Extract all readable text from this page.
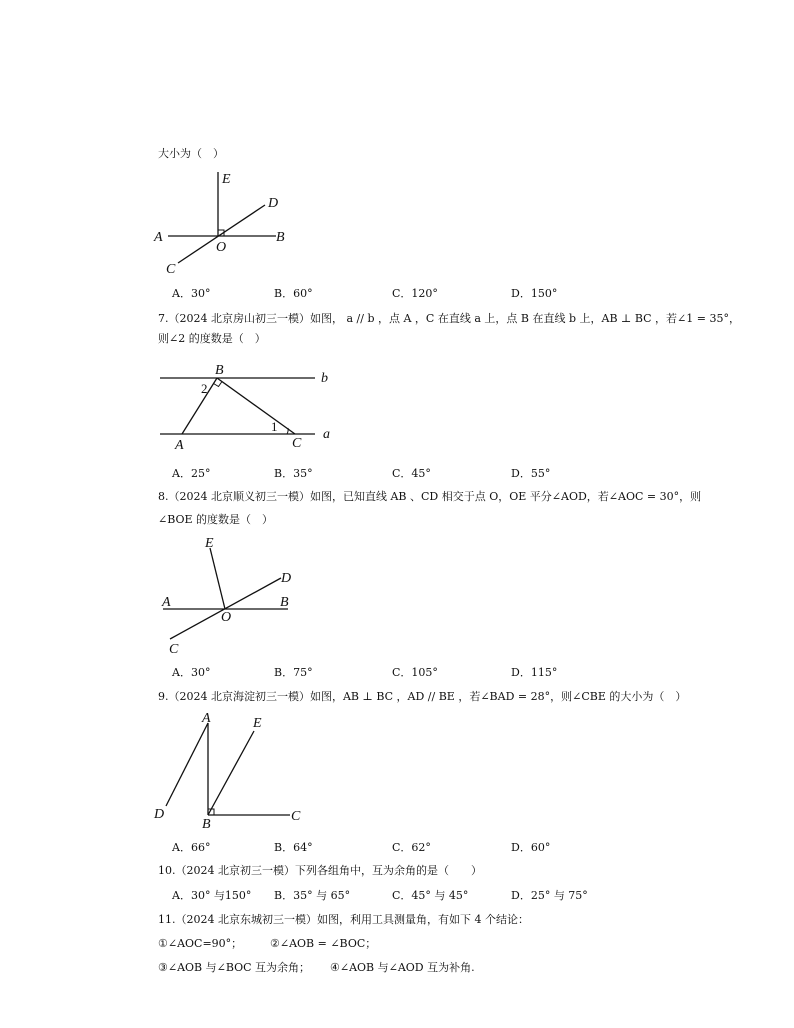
大小为（　）
E
D
A
O
B
C
A．30°	B．60°	C．120°	D．150°
7.（2024 北京房山初三一模）如图， a // b ，点 A ，C 在直线 a 上，点 B 在直线 b 上，AB ⊥ BC ，若∠1 = 35°，
则∠2 的度数是（　）
B
b
2
1
A	C
a
A．25°	B．35°	C．45°	D．55°
8.（2024 北京顺义初三一模）如图，已知直线 AB 、CD 相交于点 O，OE 平分∠AOD，若∠AOC = 30°，则
∠BOE 的度数是（　）
E
D
A	B
O
C
A．30°	B．75°	C．105°	D．115°
9.（2024 北京海淀初三一模）如图，AB ⊥ BC ，AD // BE ，若∠BAD = 28°，则∠CBE 的大小为（　）
A	E
D
B
C
A．66°	B．64°	C．62°	D．60°
10.（2024 北京初三一模）下列各组角中，互为余角的是（　　）
A．30° 与150° B．35° 与 65°	C．45° 与 45°	D．25° 与 75°
11.（2024 北京东城初三一模）如图，利用工具测量角，有如下 4 个结论：
①∠AOC=90°；	②∠AOB = ∠BOC；
③∠AOB 与∠BOC 互为余角； ④∠AOB 与∠AOD 互为补角.
